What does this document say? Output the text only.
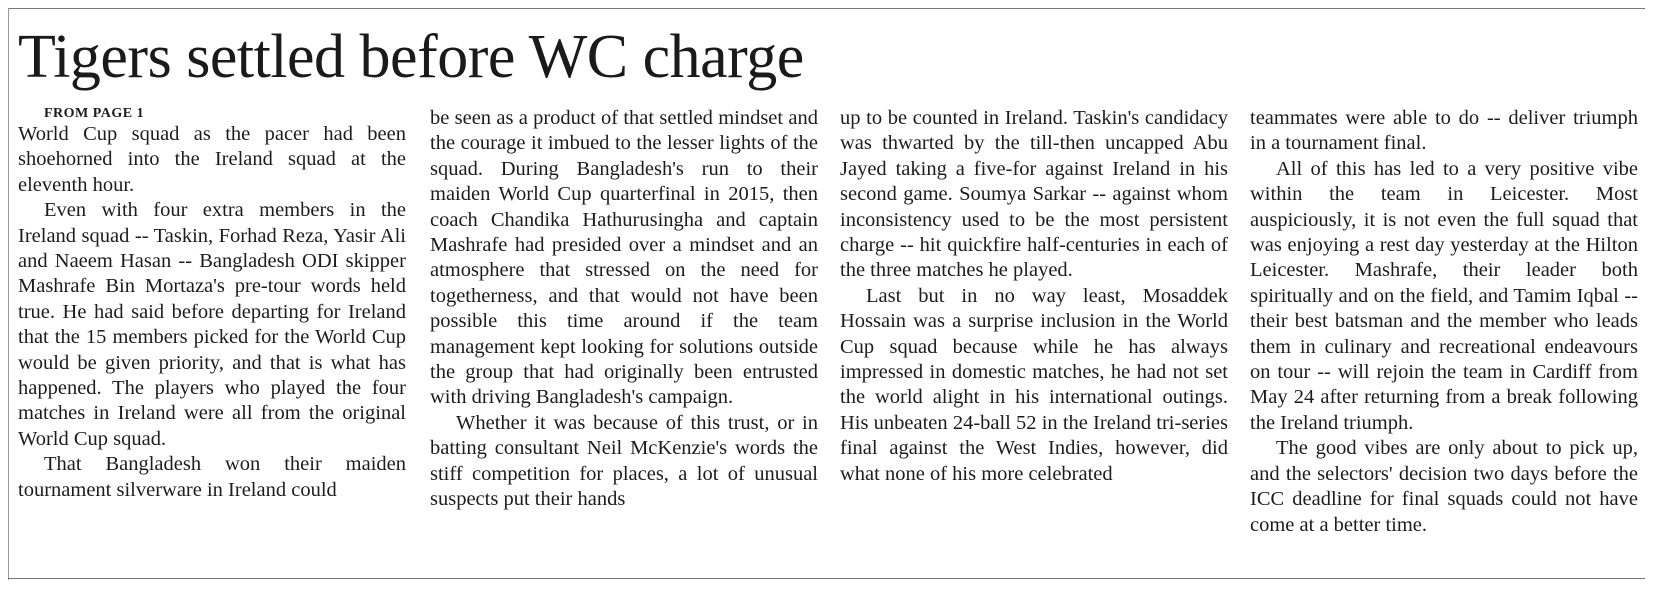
Tigers settled before WC charge

FROM PAGE 1

World Cup squad as the pacer had been shoehorned into the Ireland squad at the eleventh hour.

Even with four extra members in the Ireland squad -- Taskin, Forhad Reza, Yasir Ali and Naeem Hasan -- Bangladesh ODI skipper Mashrafe Bin Mortaza's pre-tour words held true. He had said before departing for Ireland that the 15 members picked for the World Cup would be given priority, and that is what has happened. The players who played the four matches in Ireland were all from the original World Cup squad.

That Bangladesh won their maiden tournament silverware in Ireland could

be seen as a product of that settled mindset and the courage it imbued to the lesser lights of the squad. During Bangladesh's run to their maiden World Cup quarterfinal in 2015, then coach Chandika Hathurusingha and captain Mashrafe had presided over a mindset and an atmosphere that stressed on the need for togetherness, and that would not have been possible this time around if the team management kept looking for solutions outside the group that had originally been entrusted with driving Bangladesh's campaign.

Whether it was because of this trust, or in batting consultant Neil McKenzie's words the stiff competition for places, a lot of unusual suspects put their hands

up to be counted in Ireland. Taskin's candidacy was thwarted by the till-then uncapped Abu Jayed taking a five-for against Ireland in his second game. Soumya Sarkar -- against whom inconsistency used to be the most persistent charge -- hit quickfire half-centuries in each of the three matches he played.

Last but in no way least, Mosaddek Hossain was a surprise inclusion in the World Cup squad because while he has always impressed in domestic matches, he had not set the world alight in his international outings. His unbeaten 24-ball 52 in the Ireland tri-series final against the West Indies, however, did what none of his more celebrated

teammates were able to do -- deliver triumph in a tournament final.

All of this has led to a very positive vibe within the team in Leicester. Most auspiciously, it is not even the full squad that was enjoying a rest day yesterday at the Hilton Leicester. Mashrafe, their leader both spiritually and on the field, and Tamim Iqbal -- their best batsman and the member who leads them in culinary and recreational endeavours on tour -- will rejoin the team in Cardiff from May 24 after returning from a break following the Ireland triumph.

The good vibes are only about to pick up, and the selectors' decision two days before the ICC deadline for final squads could not have come at a better time.
